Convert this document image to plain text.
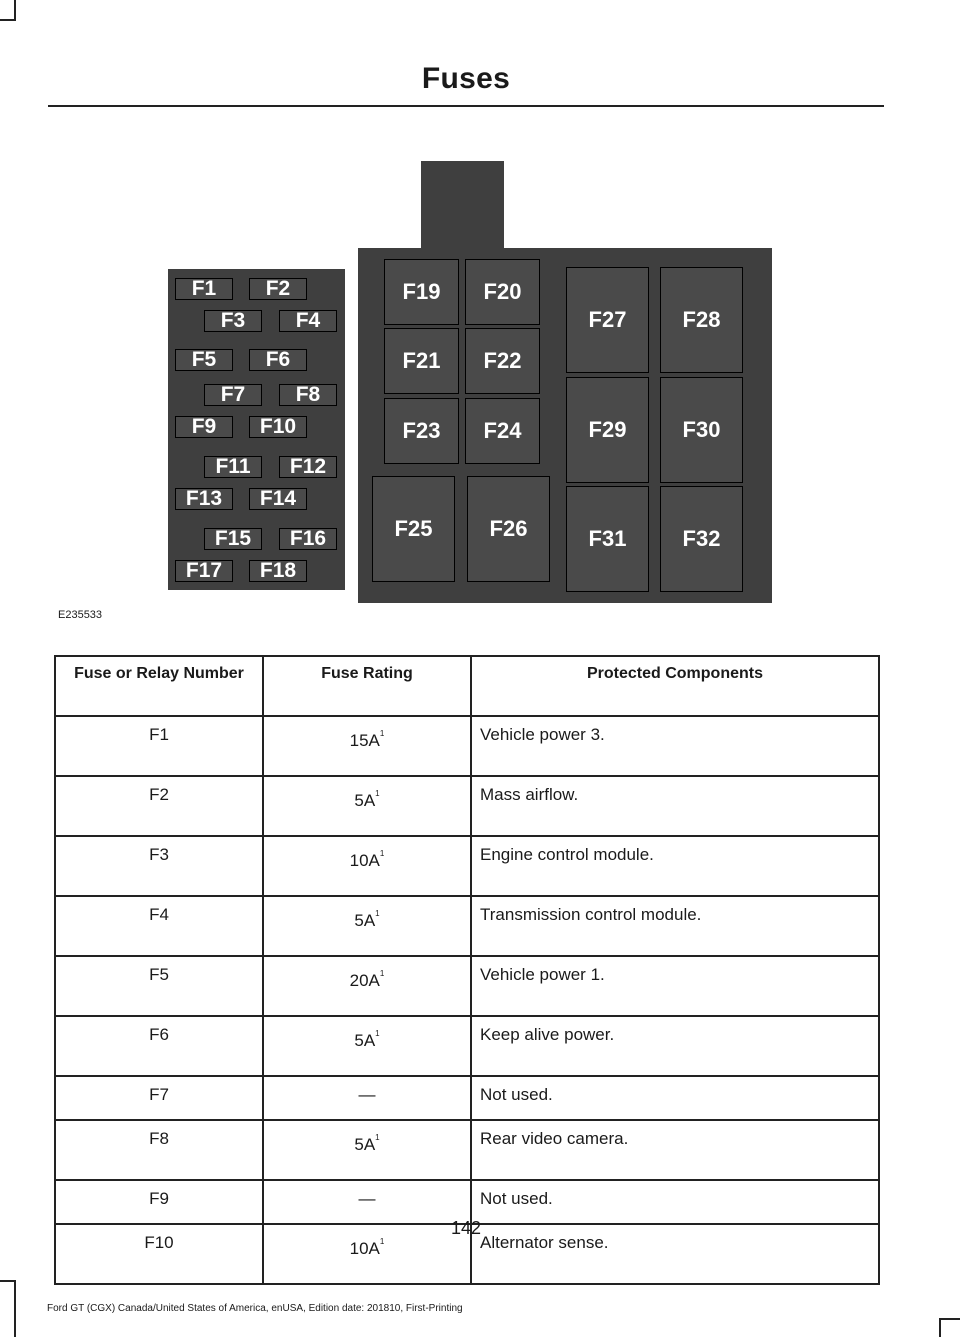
Fuses
F1	F2
F3	F4
F5	F6
F7	F8
F9	F10
F11	F12
F13	F14
F15	F16
F17	F18
F19	F20
F21	F22
F23	F24
F25	F26
F27	F28
F29	F30
F31	F32
E235533
Fuse or Relay Number	Fuse Rating	Protected Components
F1	$15A^1$	Vehicle power 3.
F2	$5A^1$	Mass airflow.
F3	$10A^1$	Engine control module.
F4	$5A^1$	Transmission control module.
F5	$20A^1$	Vehicle power 1.
F6	$5A^1$	Keep alive power.
F7	—	Not used.
F8	$5A^1$	Rear video camera.
F9	—	Not used.
F10	$10A^1$	Alternator sense.
142
Ford GT (CGX) Canada/United States of America, enUSA, Edition date: 201810, First-Printing
